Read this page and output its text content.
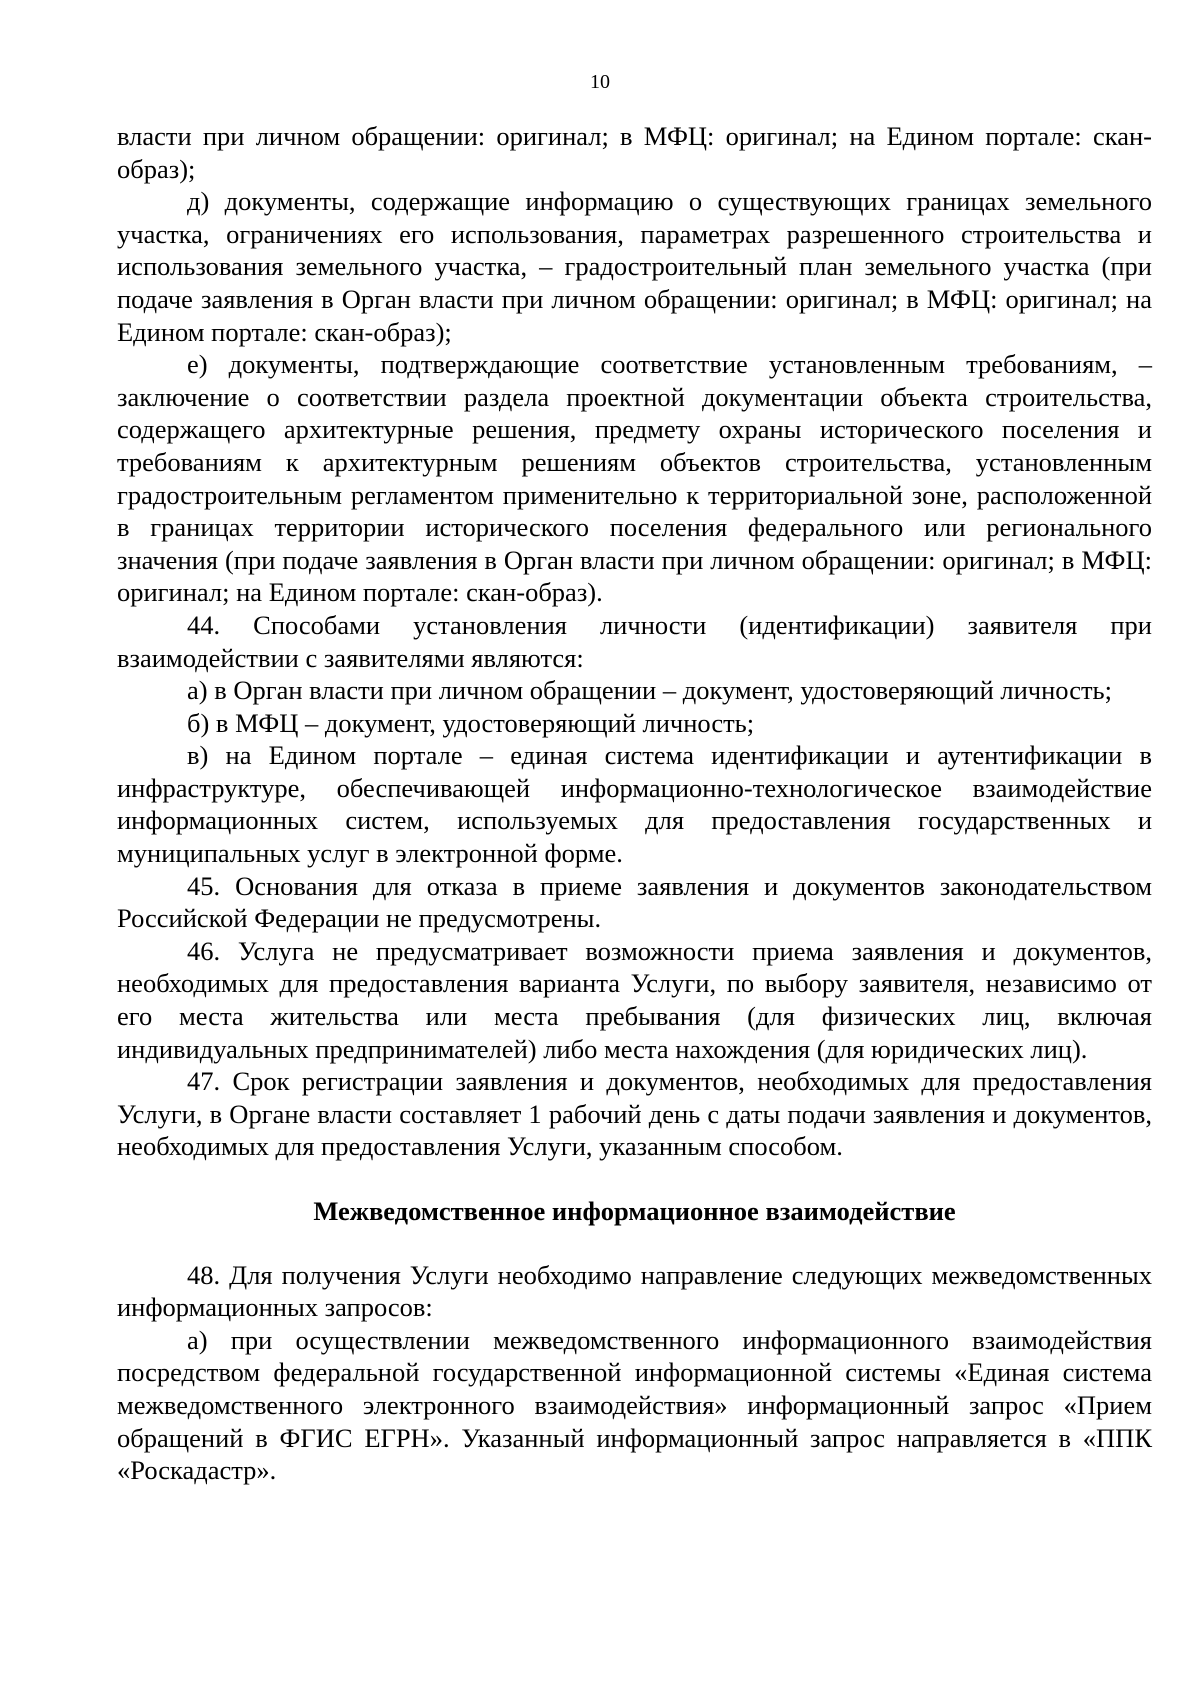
10

власти при личном обращении: оригинал; в МФЦ: оригинал; на Едином портале: скан-образ);

д) документы, содержащие информацию о существующих границах земельного участка, ограничениях его использования, параметрах разрешенного строительства и использования земельного участка, – градостроительный план земельного участка (при подаче заявления в Орган власти при личном обращении: оригинал; в МФЦ: оригинал; на Едином портале: скан-образ);

е) документы, подтверждающие соответствие установленным требованиям, – заключение о соответствии раздела проектной документации объекта строительства, содержащего архитектурные решения, предмету охраны исторического поселения и требованиям к архитектурным решениям объектов строительства, установленным градостроительным регламентом применительно к территориальной зоне, расположенной в границах территории исторического поселения федерального или регионального значения (при подаче заявления в Орган власти при личном обращении: оригинал; в МФЦ: оригинал; на Едином портале: скан-образ).

44. Способами установления личности (идентификации) заявителя при взаимодействии с заявителями являются:

а) в Орган власти при личном обращении – документ, удостоверяющий личность;

б) в МФЦ – документ, удостоверяющий личность;

в) на Едином портале – единая система идентификации и аутентификации в инфраструктуре, обеспечивающей информационно-технологическое взаимодействие информационных систем, используемых для предоставления государственных и муниципальных услуг в электронной форме.

45. Основания для отказа в приеме заявления и документов законодательством Российской Федерации не предусмотрены.

46. Услуга не предусматривает возможности приема заявления и документов, необходимых для предоставления варианта Услуги, по выбору заявителя, независимо от его места жительства или места пребывания (для физических лиц, включая индивидуальных предпринимателей) либо места нахождения (для юридических лиц).

47. Срок регистрации заявления и документов, необходимых для предоставления Услуги, в Органе власти составляет 1 рабочий день с даты подачи заявления и документов, необходимых для предоставления Услуги, указанным способом.

Межведомственное информационное взаимодействие

48. Для получения Услуги необходимо направление следующих межведомственных информационных запросов:

а) при осуществлении межведомственного информационного взаимодействия посредством федеральной государственной информационной системы «Единая система межведомственного электронного взаимодействия» информационный запрос «Прием обращений в ФГИС ЕГРН». Указанный информационный запрос направляется в «ППК «Роскадастр».
